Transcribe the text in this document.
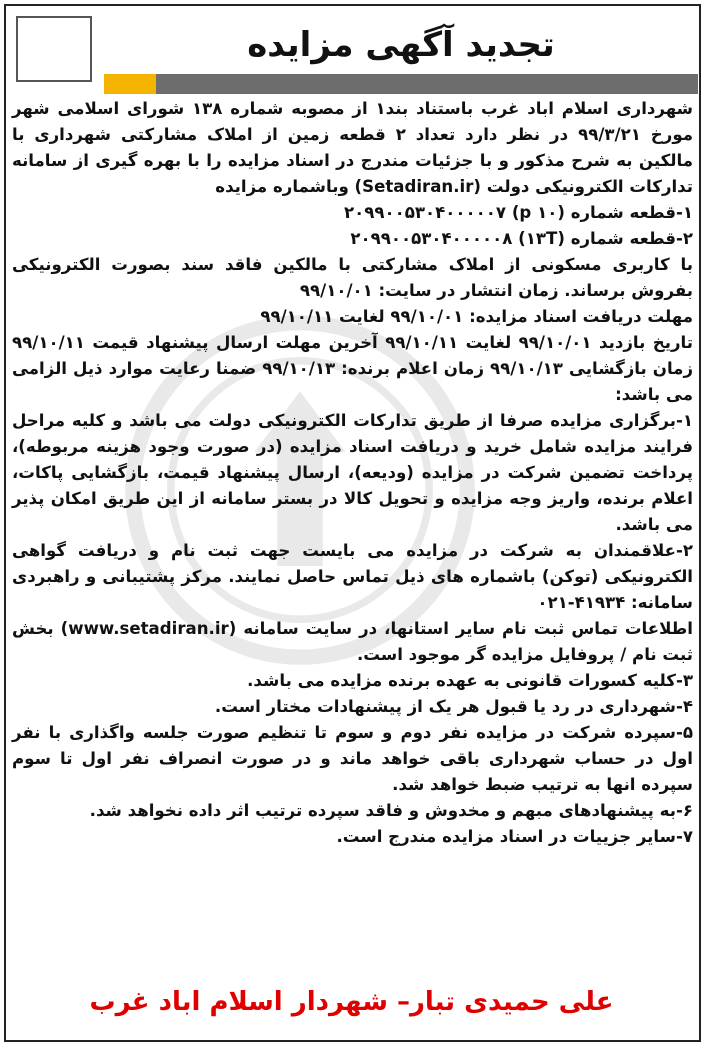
تجدید آگهی مزایده

شهرداری اسلام اباد غرب باستناد بند۱ از مصوبه شماره ۱۳۸ شورای اسلامی شهر مورخ ۹۹/۳/۲۱ در نظر دارد تعداد ۲ قطعه زمین از املاک مشارکتی شهرداری با مالکین به شرح مذکور و با جزئیات مندرج در اسناد مزایده را با بهره گیری از سامانه تدارکات الکترونیکی دولت (Setadiran.ir) وباشماره مزایده

۱-قطعه شماره (p ۱۰) ۲۰۹۹۰۰۵۳۰۴۰۰۰۰۰۷

۲-قطعه شماره (۱۳T) ۲۰۹۹۰۰۵۳۰۴۰۰۰۰۰۸

با کاربری مسکونی از املاک مشارکتی با مالکین فاقد سند بصورت الکترونیکی بفروش برساند. زمان انتشار در سایت: ۹۹/۱۰/۰۱

مهلت دریافت اسناد مزایده: ۹۹/۱۰/۰۱ لغایت ۹۹/۱۰/۱۱

تاریخ بازدید ۹۹/۱۰/۰۱ لغایت ۹۹/۱۰/۱۱ آخرین مهلت ارسال پیشنهاد قیمت ۹۹/۱۰/۱۱ زمان بازگشایی ۹۹/۱۰/۱۳ زمان اعلام برنده: ۹۹/۱۰/۱۳ ضمنا رعایت موارد ذیل الزامی می باشد:

۱-برگزاری مزایده صرفا از طریق تدارکات الکترونیکی دولت می باشد و کلیه مراحل فرایند مزایده شامل خرید و دریافت اسناد مزایده (در صورت وجود هزینه مربوطه)، پرداخت تضمین شرکت در مزایده (ودیعه)، ارسال پیشنهاد قیمت، بازگشایی پاکات، اعلام برنده، واریز وجه مزایده و تحویل کالا در بستر سامانه از این طریق امکان پذیر می باشد.

۲-علاقمندان به شرکت در مزایده می بایست جهت ثبت نام و دریافت گواهی الکترونیکی (توکن) باشماره های ذیل تماس حاصل نمایند. مرکز پشتیبانی و راهبردی سامانه: ۴۱۹۳۴-۰۲۱

اطلاعات تماس ثبت نام سایر استانها، در سایت سامانه (www.setadiran.ir) بخش ثبت نام / پروفایل مزایده گر موجود است.

۳-کلیه کسورات قانونی به عهده برنده مزایده می باشد.

۴-شهرداری در رد یا قبول هر یک از پیشنهادات مختار است.

۵-سپرده شرکت در مزایده نفر دوم و سوم تا تنظیم صورت جلسه واگذاری با نفر اول در حساب شهرداری باقی خواهد ماند و در صورت انصراف نفر اول تا سوم سپرده انها به ترتیب ضبط خواهد شد.

۶-به پیشنهادهای مبهم و مخدوش و فاقد سپرده ترتیب اثر داده نخواهد شد.

۷-سایر جزییات در اسناد مزایده مندرج است.

علی حمیدی تبار– شهردار اسلام اباد غرب
